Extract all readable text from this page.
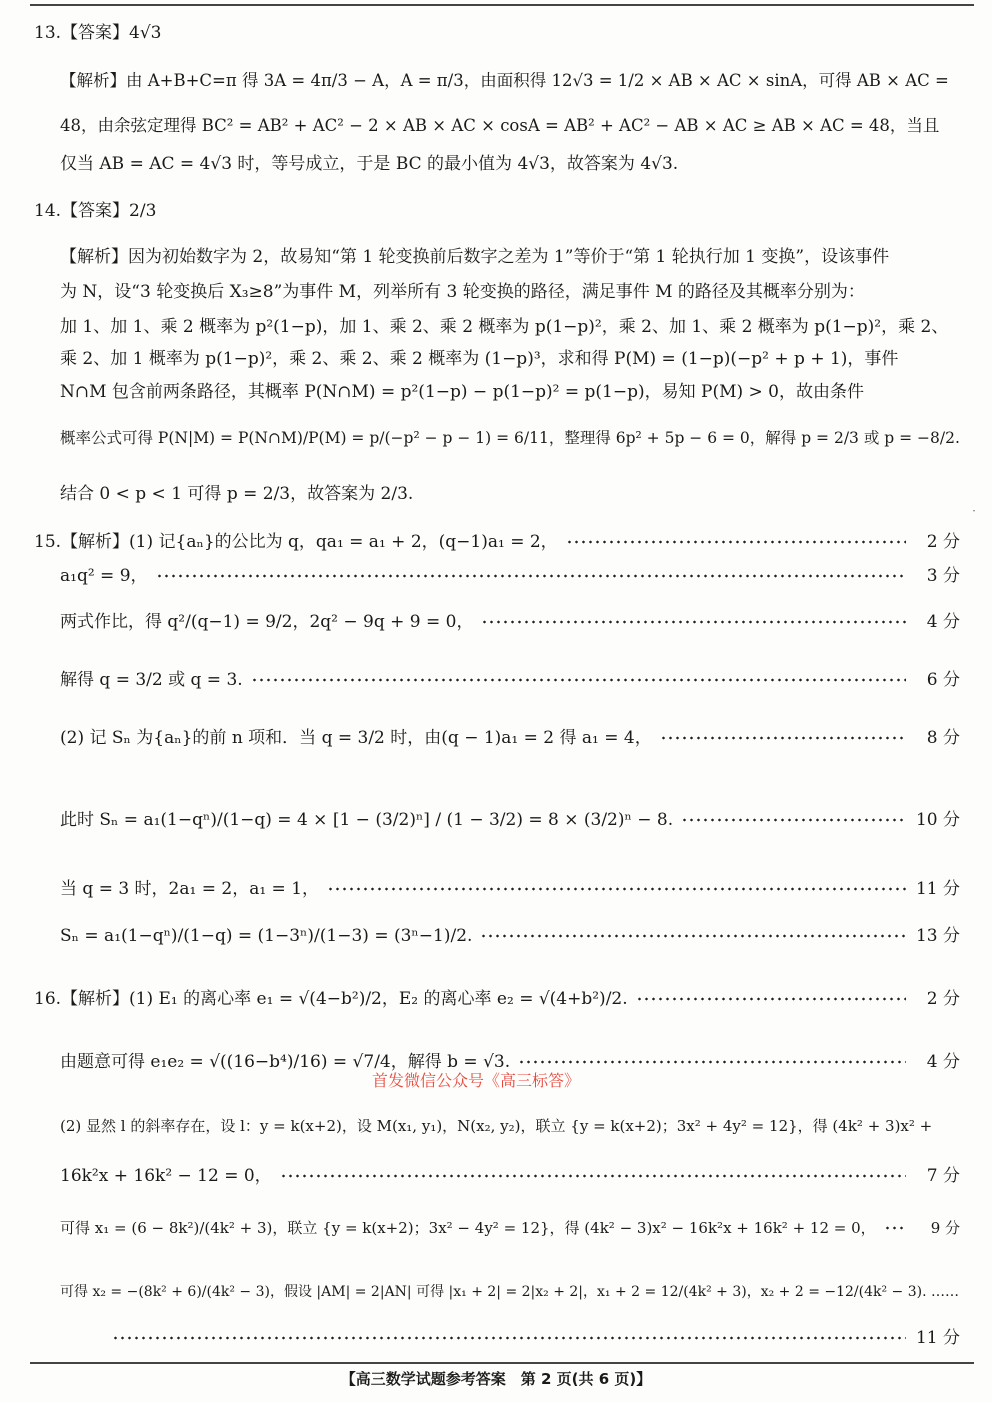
13.【答案】4√3
【解析】由 A+B+C=π 得 3A = 4π/3 − A，A = π/3，由面积得 12√3 = 1/2 × AB × AC × sinA，可得 AB × AC =
48，由余弦定理得 BC² = AB² + AC² − 2 × AB × AC × cosA = AB² + AC² − AB × AC ≥ AB × AC = 48，当且
仅当 AB = AC = 4√3 时，等号成立，于是 BC 的最小值为 4√3，故答案为 4√3.
14.【答案】2/3
【解析】因为初始数字为 2，故易知“第 1 轮变换前后数字之差为 1”等价于“第 1 轮执行加 1 变换”，设该事件
为 N，设“3 轮变换后 X₃≥8”为事件 M，列举所有 3 轮变换的路径，满足事件 M 的路径及其概率分别为：
加 1、加 1、乘 2 概率为 p²(1−p)，加 1、乘 2、乘 2 概率为 p(1−p)²，乘 2、加 1、乘 2 概率为 p(1−p)²，乘 2、
乘 2、加 1 概率为 p(1−p)²，乘 2、乘 2、乘 2 概率为 (1−p)³，求和得 P(M) = (1−p)(−p² + p + 1)，事件
N∩M 包含前两条路径，其概率 P(N∩M) = p²(1−p) − p(1−p)² = p(1−p)，易知 P(M) > 0，故由条件
概率公式可得 P(N|M) = P(N∩M)/P(M) = p/(−p² − p − 1) = 6/11，整理得 6p² + 5p − 6 = 0，解得 p = 2/3 或 p = −8/2.
结合 0 < p < 1 可得 p = 2/3，故答案为 2/3.
·
15.【解析】(1) 记{aₙ}的公比为 q，qa₁ = a₁ + 2，(q−1)a₁ = 2，	2 分
a₁q² = 9，	3 分
两式作比，得 q²/(q−1) = 9/2，2q² − 9q + 9 = 0，	4 分
解得 q = 3/2 或 q = 3.	6 分
(2) 记 Sₙ 为{aₙ}的前 n 项和．当 q = 3/2 时，由(q − 1)a₁ = 2 得 a₁ = 4，	8 分
此时 Sₙ = a₁(1−qⁿ)/(1−q) = 4 × [1 − (3/2)ⁿ] / (1 − 3/2) = 8 × (3/2)ⁿ − 8.	10 分
当 q = 3 时，2a₁ = 2，a₁ = 1，	11 分
Sₙ = a₁(1−qⁿ)/(1−q) = (1−3ⁿ)/(1−3) = (3ⁿ−1)/2.	13 分
16.【解析】(1) E₁ 的离心率 e₁ = √(4−b²)/2，E₂ 的离心率 e₂ = √(4+b²)/2.	2 分
由题意可得 e₁e₂ = √((16−b⁴)/16) = √7/4，解得 b = √3.	4 分
首发微信公众号《高三标答》
(2) 显然 l 的斜率存在，设 l：y = k(x+2)，设 M(x₁, y₁)，N(x₂, y₂)，联立 {y = k(x+2)；3x² + 4y² = 12}，得 (4k² + 3)x² +
16k²x + 16k² − 12 = 0，	7 分
可得 x₁ = (6 − 8k²)/(4k² + 3)，联立 {y = k(x+2)；3x² − 4y² = 12}，得 (4k² − 3)x² − 16k²x + 16k² + 12 = 0，	9 分
可得 x₂ = −(8k² + 6)/(4k² − 3)，假设 |AM| = 2|AN| 可得 |x₁ + 2| = 2|x₂ + 2|，x₁ + 2 = 12/(4k² + 3)，x₂ + 2 = −12/(4k² − 3). ……
11 分
【高三数学试题参考答案　第 2 页(共 6 页)】
